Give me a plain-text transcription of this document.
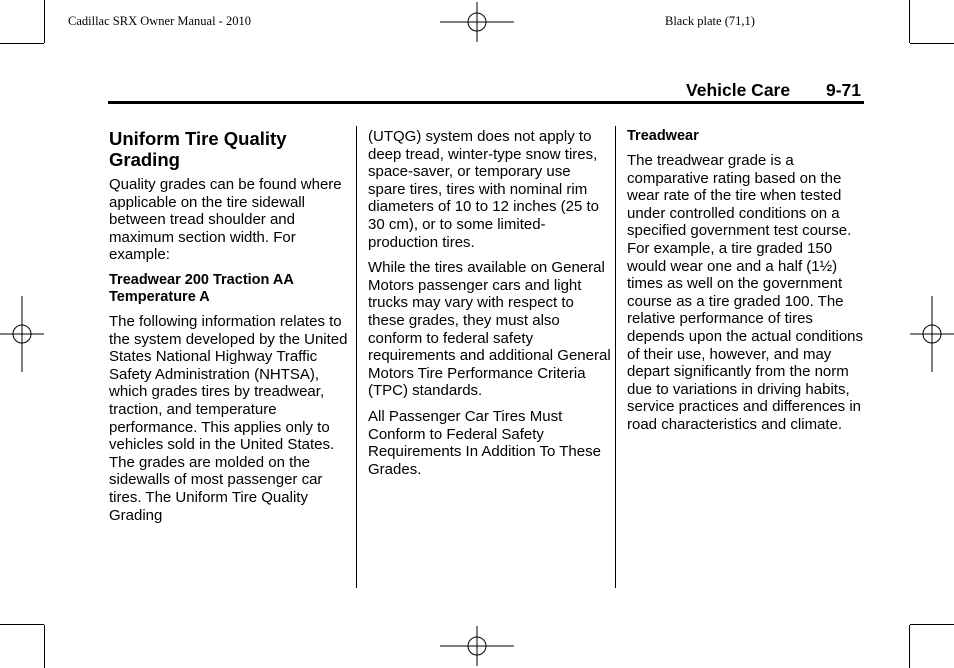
Cadillac SRX Owner Manual - 2010	Black plate (71,1)
Vehicle Care 9-71
Uniform Tire Quality Grading

Quality grades can be found where applicable on the tire sidewall between tread shoulder and maximum section width. For example:

Treadwear 200 Traction AA Temperature A

The following information relates to the system developed by the United States National Highway Traffic Safety Administration (NHTSA), which grades tires by treadwear, traction, and temperature performance. This applies only to vehicles sold in the United States. The grades are molded on the sidewalls of most passenger car tires. The Uniform Tire Quality Grading

(UTQG) system does not apply to deep tread, winter-type snow tires, space-saver, or temporary use spare tires, tires with nominal rim diameters of 10 to 12 inches (25 to 30 cm), or to some limited-production tires.

While the tires available on General Motors passenger cars and light trucks may vary with respect to these grades, they must also conform to federal safety requirements and additional General Motors Tire Performance Criteria (TPC) standards.

All Passenger Car Tires Must Conform to Federal Safety Requirements In Addition To These Grades.

Treadwear

The treadwear grade is a comparative rating based on the wear rate of the tire when tested under controlled conditions on a specified government test course. For example, a tire graded 150 would wear one and a half (1½) times as well on the government course as a tire graded 100. The relative performance of tires depends upon the actual conditions of their use, however, and may depart significantly from the norm due to variations in driving habits, service practices and differences in road characteristics and climate.
